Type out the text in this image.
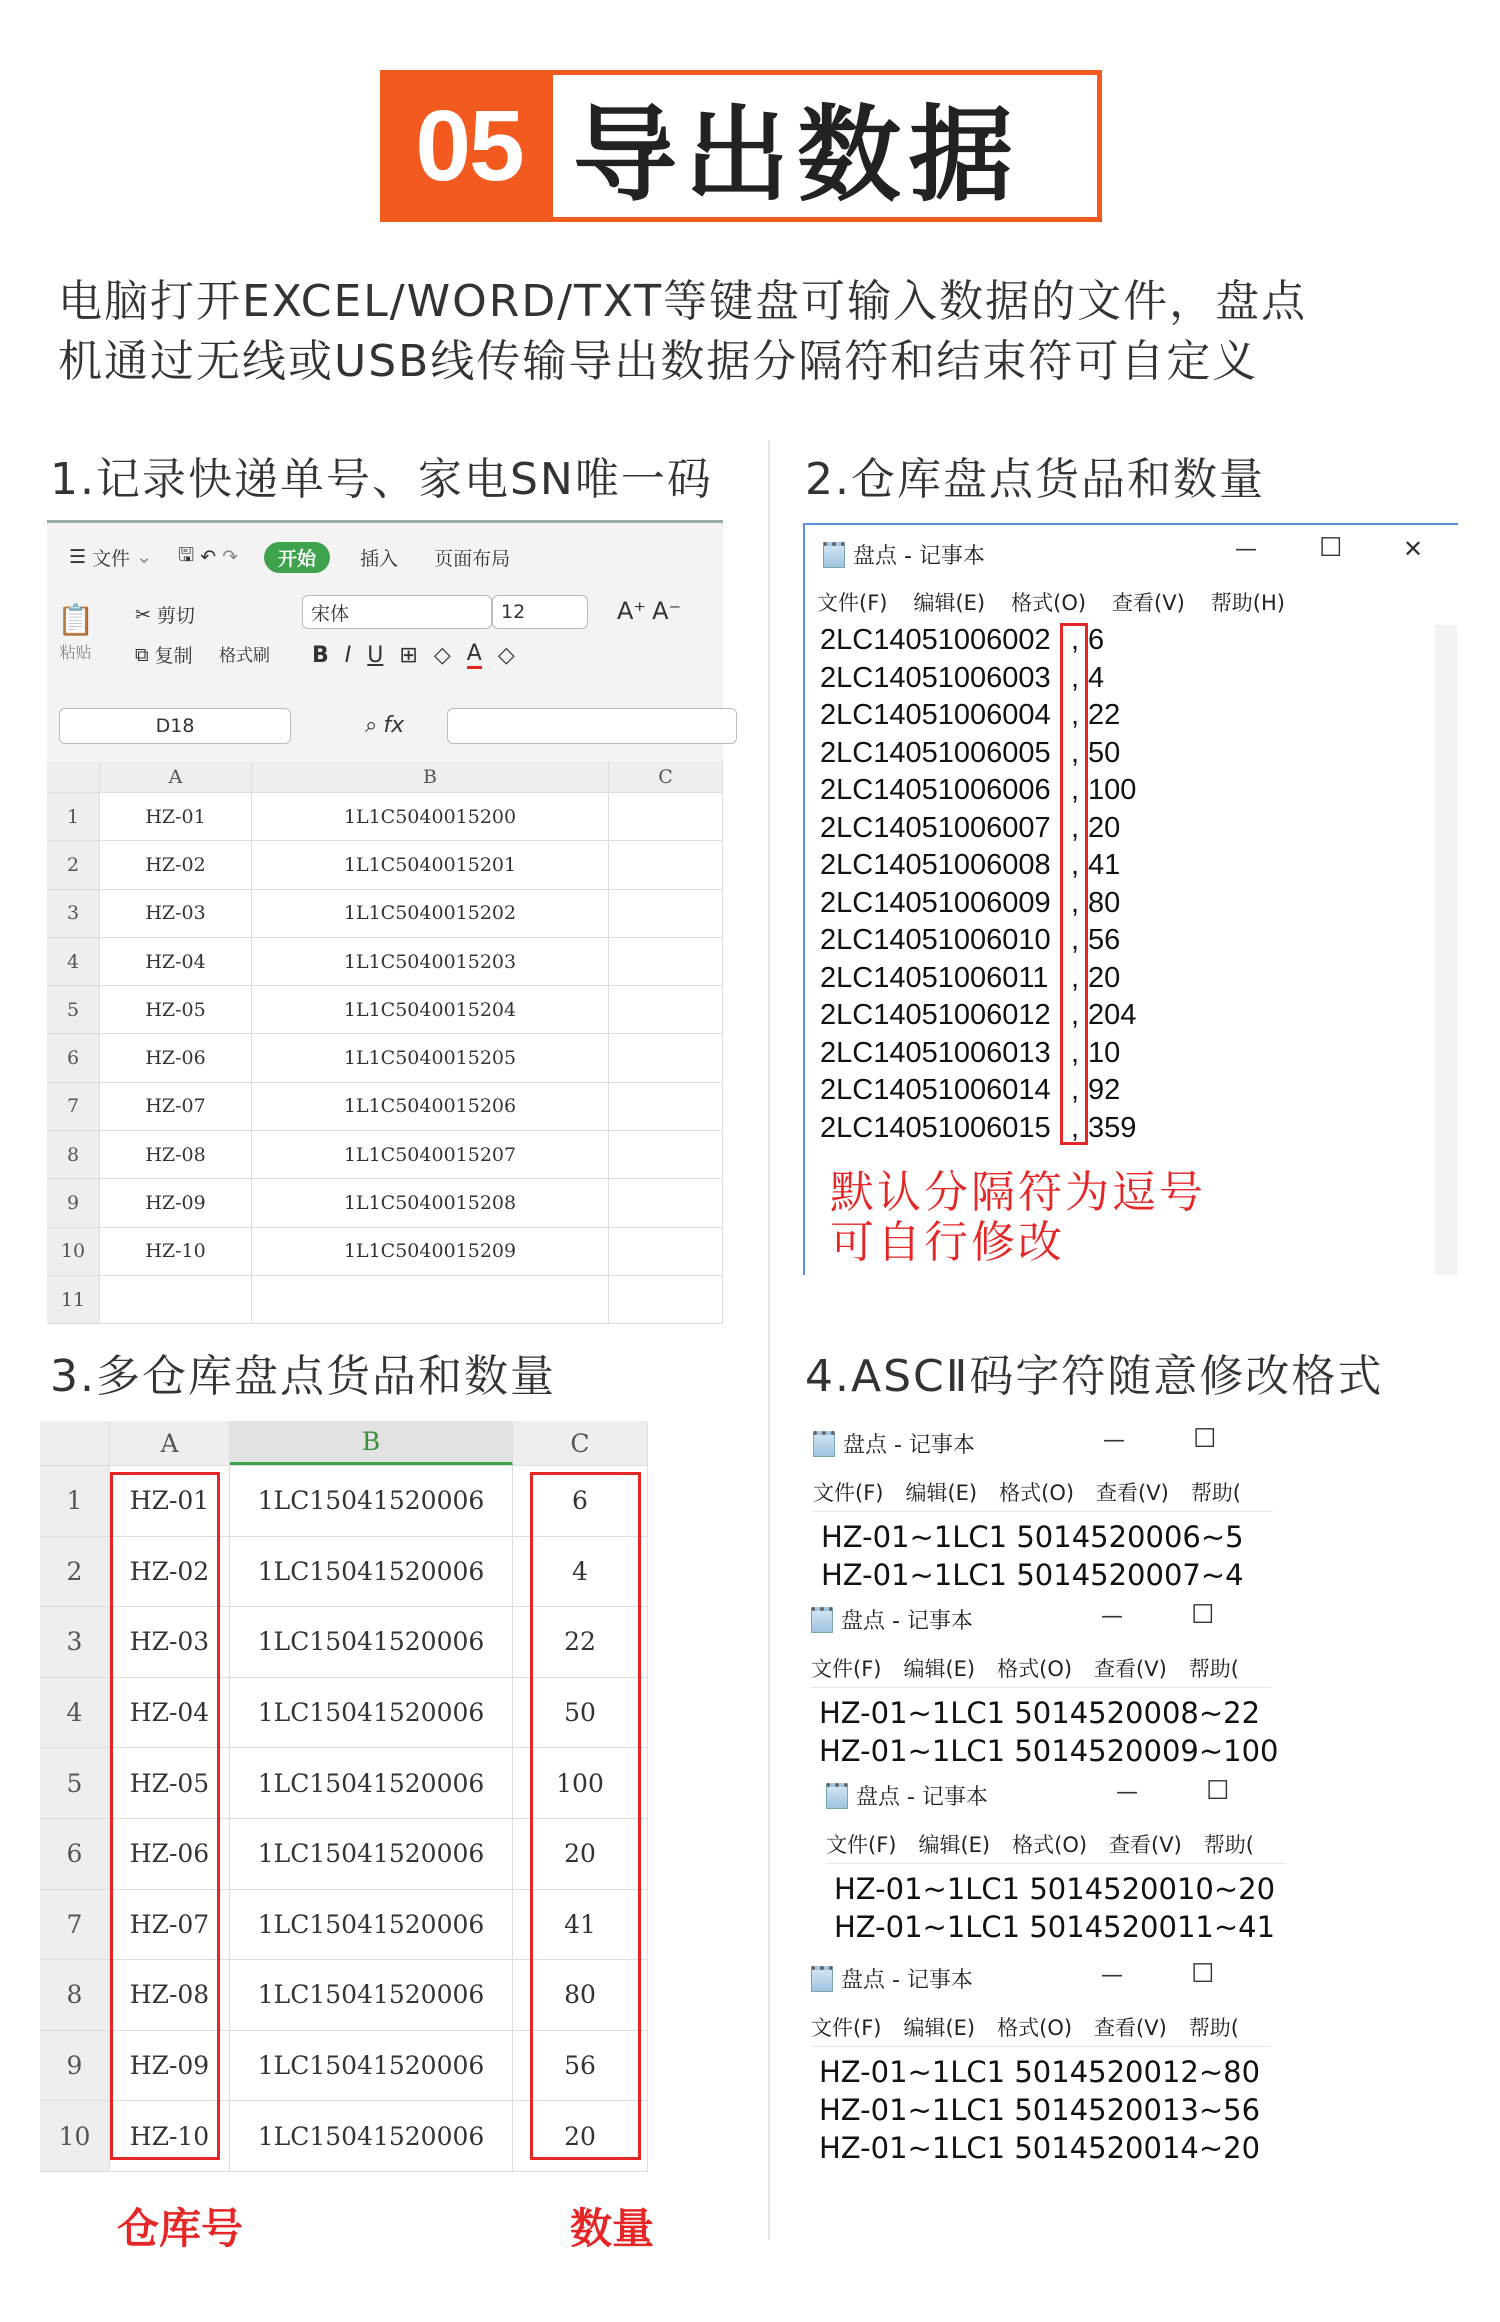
05 导出数据
电脑打开EXCEL/WORD/TXT等键盘可输入数据的文件，盘点
机通过无线或USB线传输导出数据分隔符和结束符可自定义
1.记录快递单号、家电SN唯一码 2.仓库盘点货品和数量
3.多仓库盘点货品和数量	4.ASCⅡ码字符随意修改格式
☰ 文件 ⌄ 🖫 ↶ ↷	开始	插入 页面布局
📋
粘贴
✂ 剪切
⧉ 复制 格式刷
宋体	12	A⁺ A⁻
B I U ⊞ ◇ A ◇
D18	⌕ fx
A	B	C
1	HZ-01	1L1C5040015200
2	HZ-02	1L1C5040015201
3	HZ-03	1L1C5040015202
4	HZ-04	1L1C5040015203
5	HZ-05	1L1C5040015204
6	HZ-06	1L1C5040015205
7	HZ-07	1L1C5040015206
8	HZ-08	1L1C5040015207
9	HZ-09	1L1C5040015208
10	HZ-10	1L1C5040015209
11
盘点 - 记事本	— ☐	✕
文件(F) 编辑(E) 格式(O) 查看(V) 帮助(H)
2LC14051006002 , 6
2LC14051006003 , 4
2LC14051006004 , 22
2LC14051006005 , 50
2LC14051006006 , 100
2LC14051006007 , 20
2LC14051006008 , 41
2LC14051006009 , 80
2LC14051006010 , 56
2LC14051006011 , 20
2LC14051006012 , 204
2LC14051006013 , 10
2LC14051006014 , 92
2LC14051006015 , 359
默认分隔符为逗号
可自行修改
A	B	C
1	HZ-01	1LC15041520006	6
2	HZ-02	1LC15041520006	4
3	HZ-03	1LC15041520006	22
4	HZ-04	1LC15041520006	50
5	HZ-05	1LC15041520006	100
6	HZ-06	1LC15041520006	20
7	HZ-07	1LC15041520006	41
8	HZ-08	1LC15041520006	80
9	HZ-09	1LC15041520006	56
10	HZ-10	1LC15041520006	20
仓库号	数量
盘点 - 记事本	—	☐
文件(F) 编辑(E) 格式(O) 查看(V) 帮助(
HZ-01~1LC1 5014520006~5
HZ-01~1LC1 5014520007~4
盘点 - 记事本	—	☐
文件(F) 编辑(E) 格式(O) 查看(V) 帮助(
HZ-01~1LC1 5014520008~22
HZ-01~1LC1 5014520009~100
盘点 - 记事本	—	☐
文件(F) 编辑(E) 格式(O) 查看(V) 帮助(
HZ-01~1LC1 5014520010~20
HZ-01~1LC1 5014520011~41
盘点 - 记事本	—	☐
文件(F) 编辑(E) 格式(O) 查看(V) 帮助(
HZ-01~1LC1 5014520012~80
HZ-01~1LC1 5014520013~56
HZ-01~1LC1 5014520014~20
